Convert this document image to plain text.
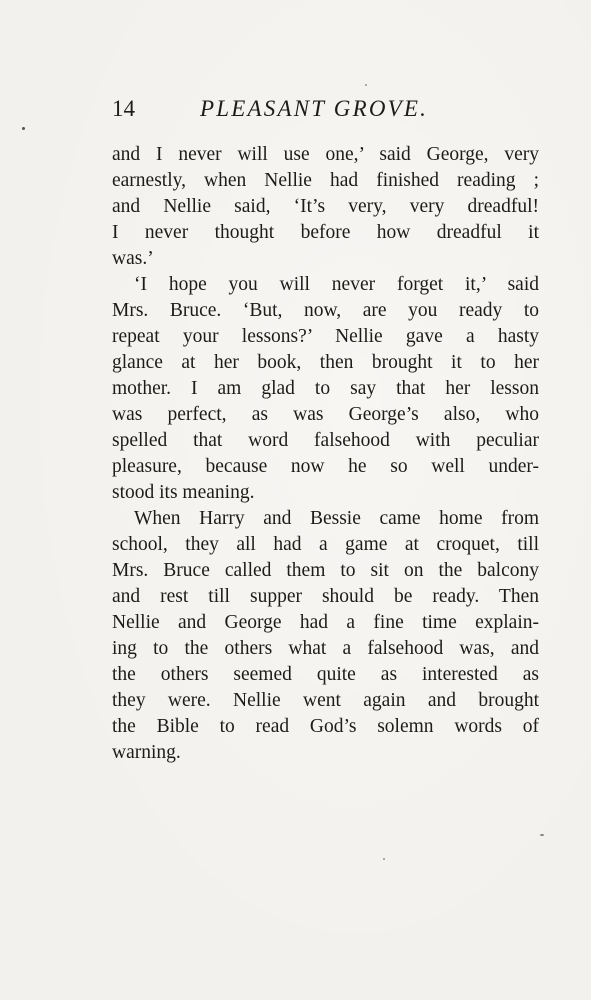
14	PLEASANT GROVE.
and I never will use one,’ said George, very
earnestly, when Nellie had finished reading ;
and Nellie said, ‘It’s very, very dreadful!
I never thought before how dreadful it
was.’
‘I hope you will never forget it,’ said
Mrs. Bruce. ‘But, now, are you ready to
repeat your lessons?’ Nellie gave a hasty
glance at her book, then brought it to her
mother. I am glad to say that her lesson
was perfect, as was George’s also, who
spelled that word falsehood with peculiar
pleasure, because now he so well under-
stood its meaning.
When Harry and Bessie came home from
school, they all had a game at croquet, till
Mrs. Bruce called them to sit on the balcony
and rest till supper should be ready. Then
Nellie and George had a fine time explain-
ing to the others what a falsehood was, and
the others seemed quite as interested as
they were. Nellie went again and brought
the Bible to read God’s solemn words of
warning.
